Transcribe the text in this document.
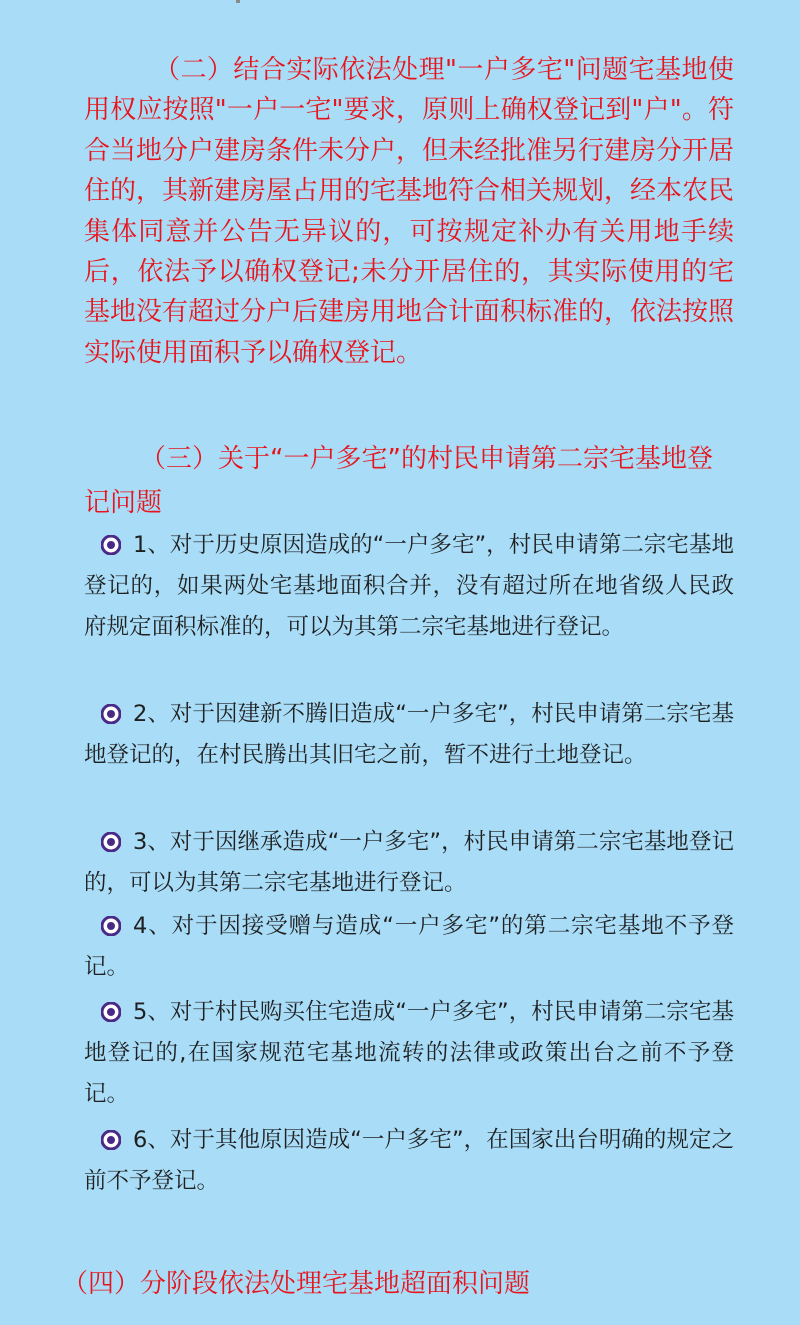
（二）结合实际依法处理"一户多宅"问题宅基地使用权应按照"一户一宅"要求，原则上确权登记到"户"。符合当地分户建房条件未分户，但未经批准另行建房分开居住的，其新建房屋占用的宅基地符合相关规划，经本农民集体同意并公告无异议的，可按规定补办有关用地手续后，依法予以确权登记;未分开居住的，其实际使用的宅基地没有超过分户后建房用地合计面积标准的，依法按照实际使用面积予以确权登记。
（三）关于“一户多宅”的村民申请第二宗宅基地登记问题
1、对于历史原因造成的“一户多宅”，村民申请第二宗宅基地登记的，如果两处宅基地面积合并，没有超过所在地省级人民政府规定面积标准的，可以为其第二宗宅基地进行登记。
2、对于因建新不腾旧造成“一户多宅”，村民申请第二宗宅基地登记的，在村民腾出其旧宅之前，暂不进行土地登记。
3、对于因继承造成“一户多宅”，村民申请第二宗宅基地登记的，可以为其第二宗宅基地进行登记。
4、对于因接受赠与造成“一户多宅”的第二宗宅基地不予登记。
5、对于村民购买住宅造成“一户多宅”，村民申请第二宗宅基地登记的,在国家规范宅基地流转的法律或政策出台之前不予登记。
6、对于其他原因造成“一户多宅”，在国家出台明确的规定之前不予登记。
（四）分阶段依法处理宅基地超面积问题
